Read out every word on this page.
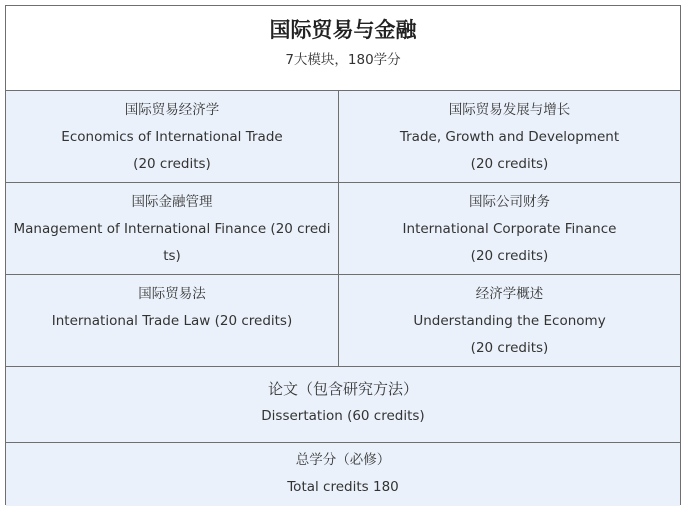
国际贸易与金融
7大模块，180学分
国际贸易经济学
Economics of International Trade
(20 credits)
国际贸易发展与增长
Trade, Growth and Development
(20 credits)
国际金融管理
Management of International Finance (20 credits)
国际公司财务
International Corporate Finance
(20 credits)
国际贸易法
International Trade Law (20 credits)
经济学概述
Understanding the Economy
(20 credits)
论文（包含研究方法）
Dissertation (60 credits)
总学分（必修）
Total credits 180
